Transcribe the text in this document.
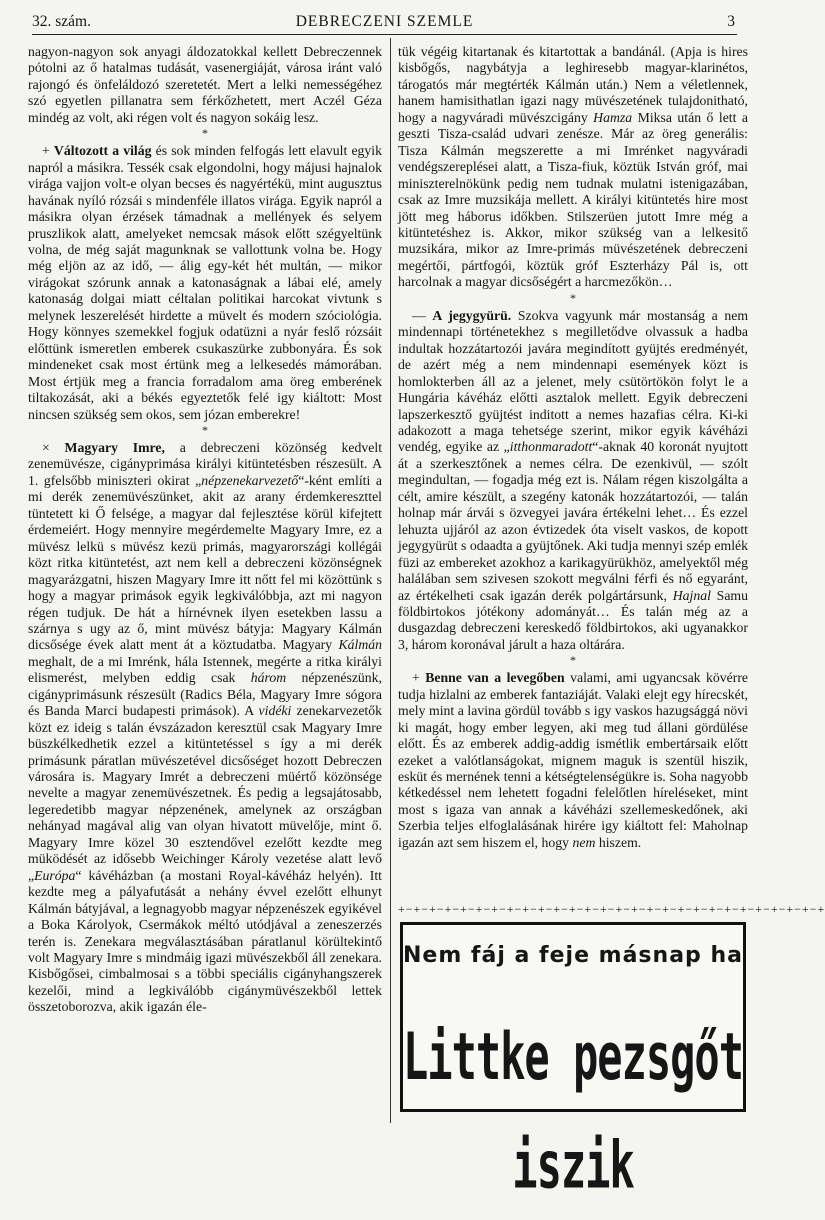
32. szám.	DEBRECZENI SZEMLE	3

nagyon-nagyon sok anyagi áldozatokkal kellett Debreczennek pótolni az ő hatalmas tudását, vasenergiáját, városa iránt való rajongó és önfeláldozó szeretetét. Mert a lelki nemességéhez szó egyetlen pillanatra sem férkőzhetett, mert Aczél Géza mindég az volt, aki régen volt és nagyon sokáig lesz.

*

+ Változott a világ és sok minden felfogás lett elavult egyik napról a másikra. Tessék csak elgondolni, hogy májusi hajnalok virága vajjon volt-e olyan becses és nagyértékü, mint augusztus havának nyíló rózsái s mindenféle illatos virága. Egyik napról a másikra olyan érzések támadnak a mellények és selyem pruszlikok alatt, amelyeket nemcsak mások előtt szégyeltünk volna, de még saját magunknak se vallottunk volna be. Hogy még eljön az az idő, — álig egy-két hét multán, — mikor virágokat szórunk annak a katonaságnak a lábai elé, amely katonaság dolgai miatt céltalan politikai harcokat vivtunk s melynek leszerelését hirdette a müvelt és modern szóciológia. Hogy könnyes szemekkel fogjuk odatüzni a nyár feslő rózsáit előttünk ismeretlen emberek csukaszürke zubbonyára. És sok mindeneket csak most értünk meg a lelkesedés mámorában. Most értjük meg a francia forradalom ama öreg emberének tiltakozását, aki a békés egyeztetők felé igy kiáltott: Most nincsen szükség sem okos, sem józan emberekre!

*

× Magyary Imre, a debreczeni közönség kedvelt zenemüvésze, cigányprimása királyi kitüntetésben részesült. A 1. gfelsőbb miniszteri okirat „népzenekarvezető“-ként említi a mi derék zenemüvészünket, akit az arany érdemkereszttel tüntetett ki Ő felsége, a magyar dal fejlesztése körül kifejtett érdemeiért. Hogy mennyire megérdemelte Magyary Imre, ez a müvész lelkü s müvész kezü primás, magyarországi kollégái közt ritka kitüntetést, azt nem kell a debreczeni közönségnek magyarázgatni, hiszen Magyary Imre itt nőtt fel mi közöttünk s hogy a magyar primások egyik legkiválóbbja, azt mi nagyon régen tudjuk. De hát a hírnévnek ilyen esetekben lassu a szárnya s ugy az ő, mint müvész bátyja: Magyary Kálmán dicsősége évek alatt ment át a köztudatba. Magyary Kálmán meghalt, de a mi Imrénk, hála Istennek, megérte a ritka királyi elismerést, melyben eddig csak három népzenészünk, cigányprimásunk részesült (Radics Béla, Magyary Imre sógora és Banda Marci budapesti primások). A vidéki zenekarvezetők közt ez ideig s talán évszázadon keresztül csak Magyary Imre büszkélkedhetik ezzel a kitüntetéssel s így a mi derék primásunk páratlan müvészetével dicsőséget hozott Debreczen városára is. Magyary Imrét a debreczeni müértő közönsége nevelte a magyar zenemüvészetnek. És pedig a legsajátosabb, legeredetibb magyar népzenének, amelynek az országban nehányad magával alig van olyan hivatott müvelője, mint ő. Magyary Imre közel 30 esztendővel ezelőtt kezdte meg müködését az idősebb Weichinger Károly vezetése alatt levő „Európa“ kávéházban (a mostani Royal-kávéház helyén). Itt kezdte meg a pályafutását a nehány évvel ezelőtt elhunyt Kálmán bátyjával, a legnagyobb magyar népzenészek egyikével a Boka Károlyok, Csermákok méltó utódjával a zeneszerzés terén is. Zenekara megválasztásában páratlanul körültekintő volt Magyary Imre s mindmáig igazi müvészekből áll zenekara. Kisbőgősei, cimbalmosai s a többi speciális cigányhangszerek kezelői, mind a legkiválóbb cigánymüvészekből lettek összetoborozva, akik igazán éle-

tük végéig kitartanak és kitartottak a bandánál. (Apja is hires kisbőgős, nagybátyja a leghiresebb magyar-klarinétos, tárogatós már megtérték Kálmán után.) Nem a véletlennek, hanem hamisithatlan igazi nagy müvészetének tulajdonitható, hogy a nagyváradi müvészcigány Hamza Miksa után ő lett a geszti Tisza-család udvari zenésze. Már az öreg generális: Tisza Kálmán megszerette a mi Imrénket nagyváradi vendégszereplései alatt, a Tisza-fiuk, köztük István gróf, mai miniszterelnökünk pedig nem tudnak mulatni istenigazában, csak az Imre muzsikája mellett. A királyi kitüntetés hire most jött meg háborus időkben. Stilszerüen jutott Imre még a kitüntetéshez is. Akkor, mikor szükség van a lelkesitő muzsikára, mikor az Imre-primás müvészetének debreczeni megértői, pártfogói, köztük gróf Eszterházy Pál is, ott harcolnak a magyar dicsőségért a harcmezőkön…

*

— A jegygyürü. Szokva vagyunk már mostanság a nem mindennapi történetekhez s megilletődve olvassuk a hadba indultak hozzátartozói javára megindított gyüjtés eredményét, de azért még a nem mindennapi események közt is homlokterben áll az a jelenet, mely csütörtökön folyt le a Hungária kávéház előtti asztalok mellett. Egyik debreczeni lapszerkesztő gyüjtést inditott a nemes hazafias célra. Ki-ki adakozott a maga tehetsége szerint, mikor egyik kávéházi vendég, egyike az „itthonmaradott“-aknak 40 koronát nyujtott át a szerkesztőnek a nemes célra. De ezenkivül, — szólt megindultan, — fogadja még ezt is. Nálam régen kiszolgálta a célt, amire készült, a szegény katonák hozzátartozói, — talán holnap már árvái s özvegyei javára értékelni lehet… És ezzel lehuzta ujjáról az azon évtizedek óta viselt vaskos, de kopott jegygyürüt s odaadta a gyüjtőnek. Aki tudja mennyi szép emlék füzi az embereket azokhoz a karikagyürükhöz, amelyektől még halálában sem szivesen szokott megválni férfi és nő egyaránt, az értékelheti csak igazán derék polgártársunk, Hajnal Samu földbirtokos jótékony adományát… És talán még az a dusgazdag debreczeni kereskedő földbirtokos, aki ugyanakkor 3, három koronával járult a haza oltárára.

*

+ Benne van a levegőben valami, ami ugyancsak kövérre tudja hizlalni az emberek fantaziáját. Valaki elejt egy hírecskét, mely mint a lavina gördül tovább s igy vaskos hazugsággá növi ki magát, hogy ember legyen, aki meg tud állani gördülése előtt. És az emberek addig-addig ismétlik embertársaik előtt ezeket a valótlanságokat, mignem maguk is szentül hiszik, esküt és mernének tenni a kétségtelenségükre is. Soha nagyobb kétkedéssel nem lehetett fogadni felelőtlen híreléseket, mint most s igaza van annak a kávéházi szellemeskedőnek, aki Szerbia teljes elfoglalásának hirére igy kiáltott fel: Maholnap igazán azt sem hiszem el, hogy nem hiszem.

+−+−+−+−+−+−+−+−+−+−+−+−+−+−+−+−+−+−+−+−+−+−+−+−+−+−+−+
Nem fáj a feje másnap ha
Littke pezsgőt iszik
